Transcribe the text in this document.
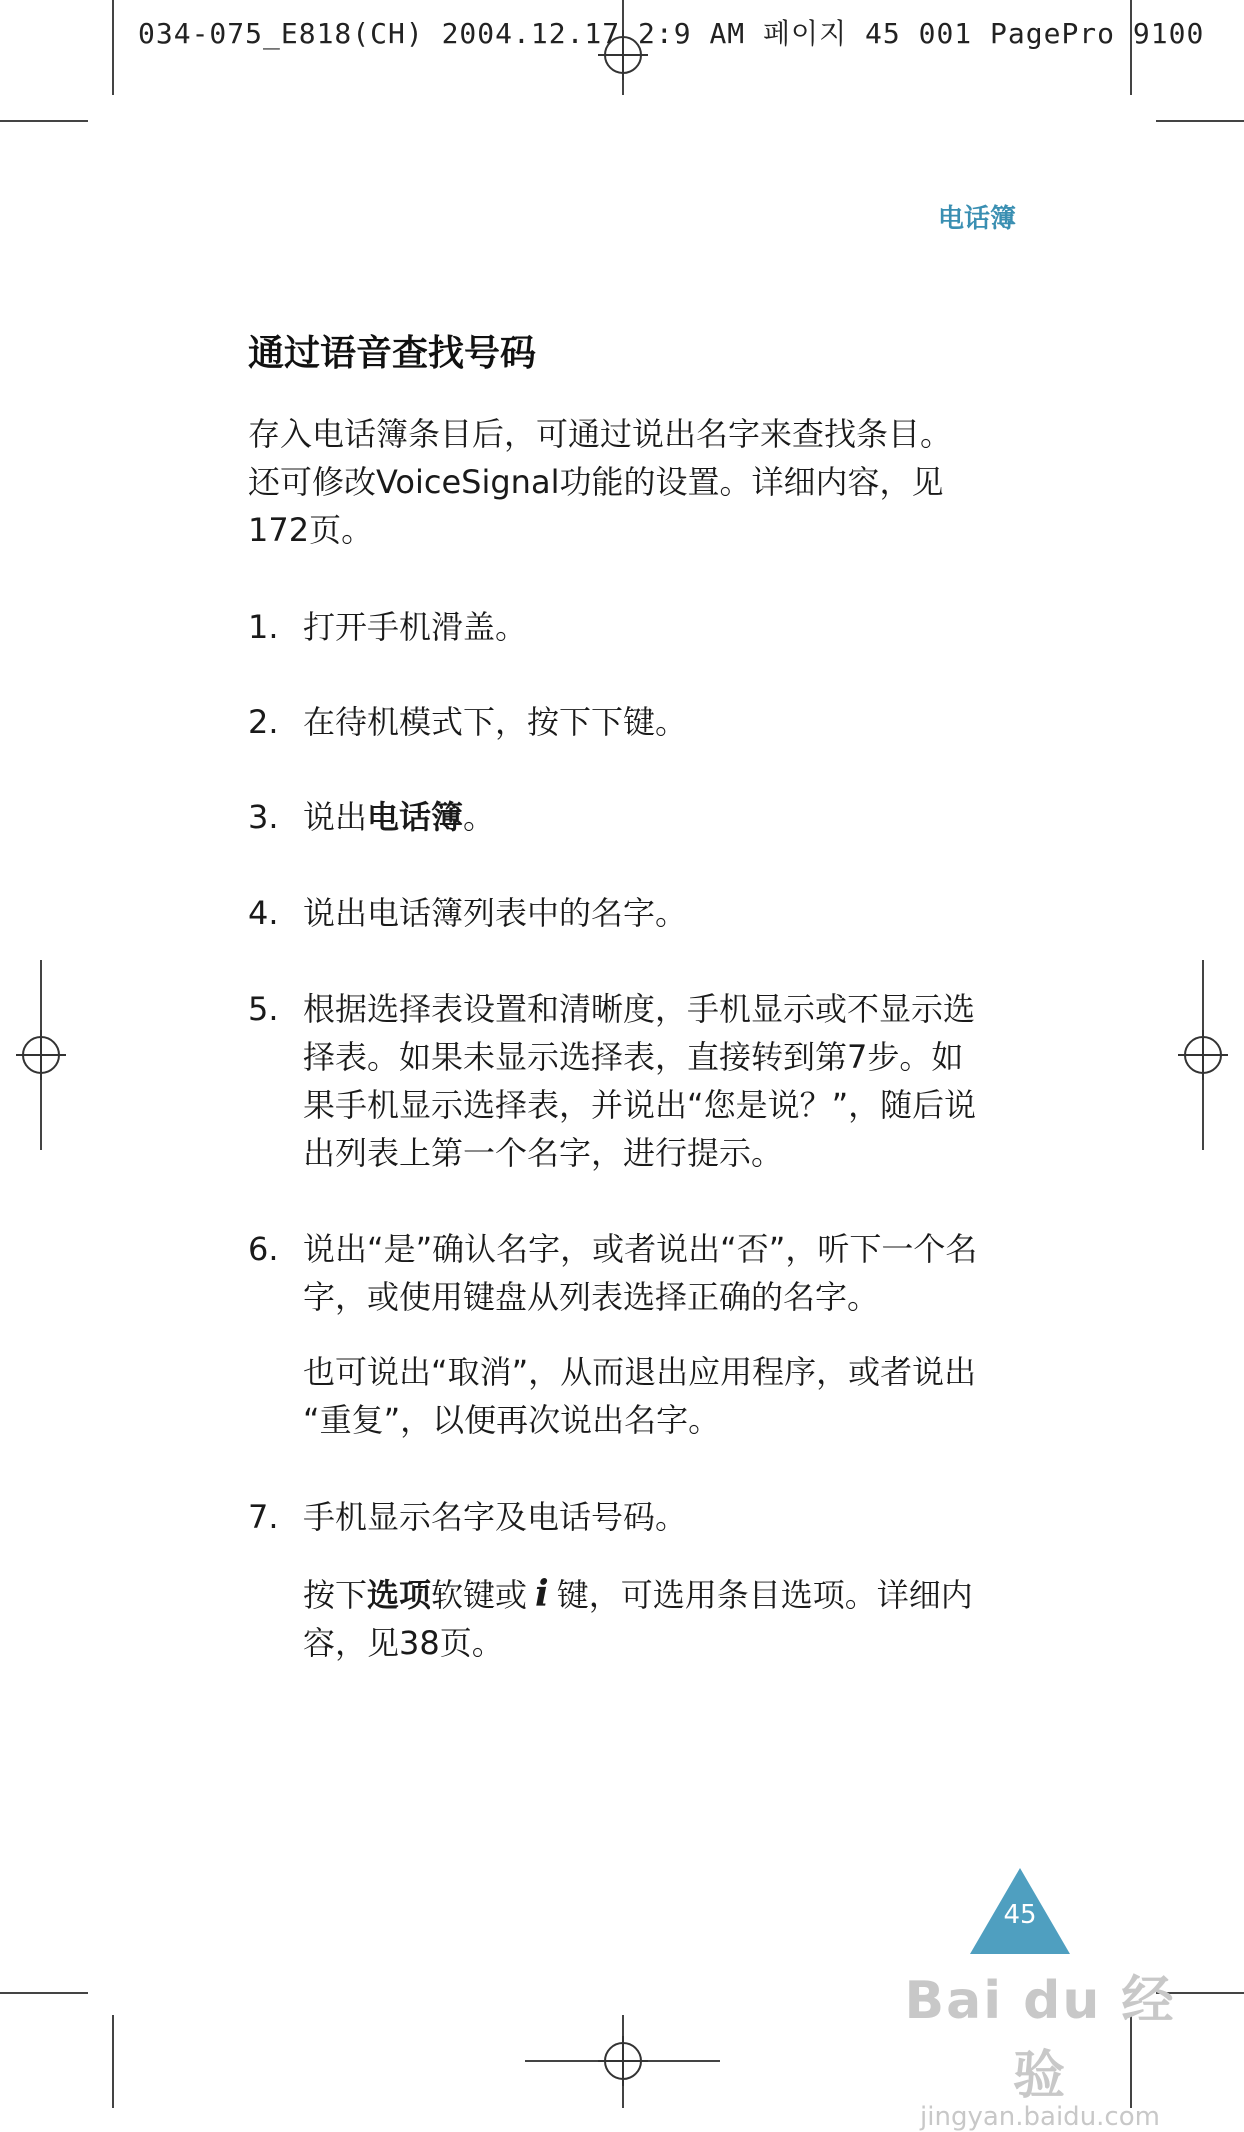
034-075_E818(CH) 2004.12.17 2:9 AM 페이지 45 001 PagePro 9100
电话簿
通过语音查找号码
存入电话簿条目后，可通过说出名字来查找条目。
还可修改VoiceSignal功能的设置。详细内容，见
172页。
1. 打开手机滑盖。
2. 在待机模式下，按下下键。
3. 说出电话簿。
4. 说出电话簿列表中的名字。
5. 根据选择表设置和清晰度，手机显示或不显示选
择表。如果未显示选择表，直接转到第7步。如
果手机显示选择表，并说出“您是说？”，随后说
出列表上第一个名字，进行提示。
6. 说出“是”确认名字，或者说出“否”，听下一个名
字，或使用键盘从列表选择正确的名字。
也可说出“取消”，从而退出应用程序，或者说出
“重复”，以便再次说出名字。
7. 手机显示名字及电话号码。
按下选项软键或 i 键，可选用条目选项。详细内
容，见38页。
45
Bai du 经验
jingyan.baidu.com
